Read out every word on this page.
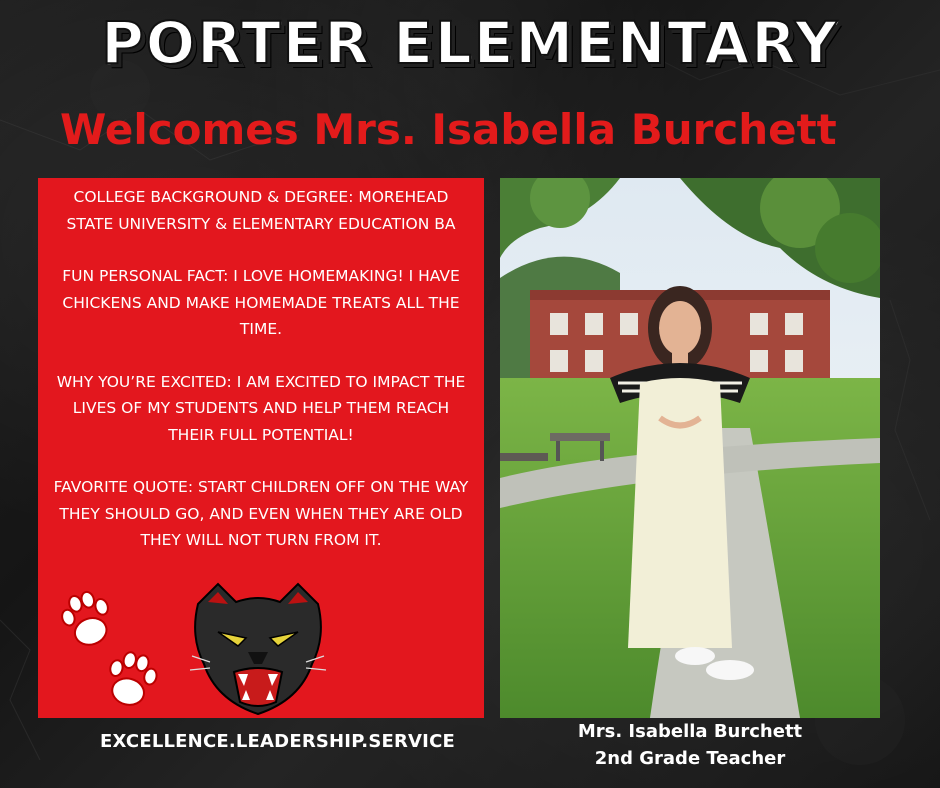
PORTER ELEMENTARY
Welcomes Mrs. Isabella Burchett

COLLEGE BACKGROUND & DEGREE: MOREHEAD STATE UNIVERSITY & ELEMENTARY EDUCATION BA

FUN PERSONAL FACT: I LOVE HOMEMAKING! I HAVE CHICKENS AND MAKE HOMEMADE TREATS ALL THE TIME.

WHY YOU’RE EXCITED: I AM EXCITED TO IMPACT THE LIVES OF MY STUDENTS AND HELP THEM REACH THEIR FULL POTENTIAL!

FAVORITE QUOTE: START CHILDREN OFF ON THE WAY THEY SHOULD GO, AND EVEN WHEN THEY ARE OLD THEY WILL NOT TURN FROM IT.

EXCELLENCE.LEADERSHIP.SERVICE	Mrs. Isabella Burchett
2nd Grade Teacher
